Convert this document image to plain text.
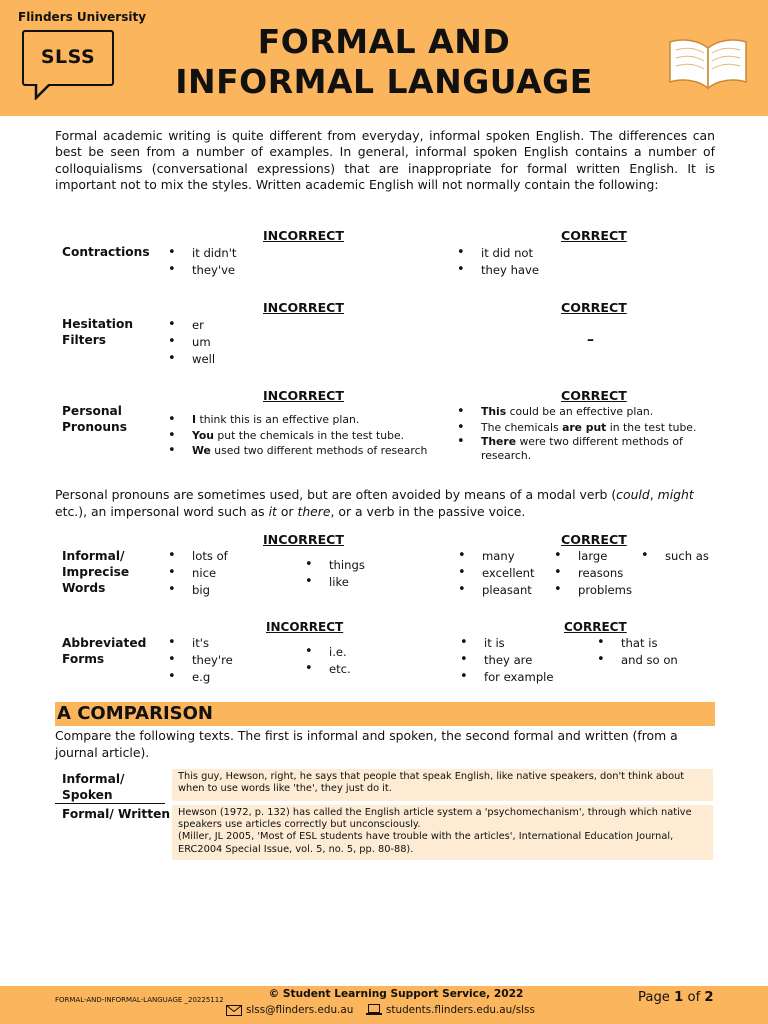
Flinders University
SLSS	FORMAL AND
INFORMAL LANGUAGE
Formal academic writing is quite different from everyday, informal spoken English. The differences can best be seen from a number of examples. In general, informal spoken English contains a number of colloquialisms (conversational expressions) that are inappropriate for formal written English. It is important not to mix the styles. Written academic English will not normally contain the following:
INCORRECT	CORRECT
Contractions
•	it didn't
• they've
• it did not
• they have
INCORRECT	CORRECT
Hesitation
Filters
• er
• um
• well
–
INCORRECT	CORRECT
Personal
Pronouns
• I think this is an effective plan.
• You put the chemicals in the test tube.
• We used two different methods of research
• This could be an effective plan.
• The chemicals are put in the test tube.
• There were two different methods of research.
Personal pronouns are sometimes used, but are often avoided by means of a modal verb (could, might etc.), an impersonal word such as it or there, or a verb in the passive voice.
INCORRECT	CORRECT
Informal/
Imprecise
Words
• lots of
• nice
• big
• things
• like
• many
• excellent
• pleasant
• large
• reasons
• problems
• such as
INCORRECT	CORRECT
Abbreviated
Forms
• it's
• they're
• e.g
• i.e.
• etc.
• it is
• they are
• for example
• that is
• and so on
A COMPARISON
Compare the following texts. The first is informal and spoken, the second formal and written (from a journal article).
Informal/
Spoken
This guy, Hewson, right, he says that people that speak English, like native speakers, don't think about when to use words like 'the', they just do it.
Formal/ Written Hewson (1972, p. 132) has called the English article system a 'psychomechanism', through which native speakers use articles correctly but unconsciously.
(Miller, JL 2005, 'Most of ESL students have trouble with the articles', International Education Journal, ERC2004 Special Issue, vol. 5, no. 5, pp. 80-88).
FORMAL-AND-INFORMAL-LANGUAGE _20225112	© Student Learning Support Service, 2022
slss@flinders.edu.au	students.flinders.edu.au/slss
Page 1 of 2
